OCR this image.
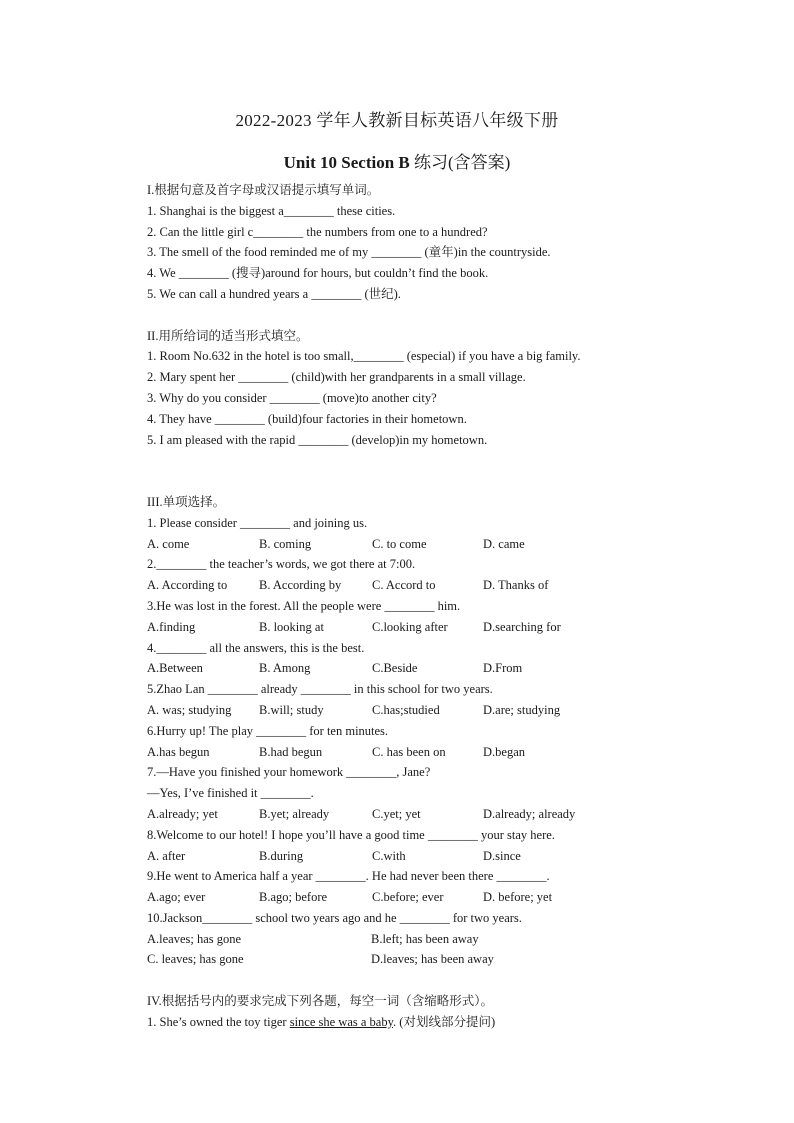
2022-2023 学年人教新目标英语八年级下册
Unit 10 Section B 练习(含答案)
I.根据句意及首字母或汉语提示填写单词。
1. Shanghai is the biggest a________ these cities.
2. Can the little girl c________ the numbers from one to a hundred?
3. The smell of the food reminded me of my ________ (童年)in the countryside.
4. We ________ (搜寻)around for hours, but couldn’t find the book.
5. We can call a hundred years a ________ (世纪).
II.用所给词的适当形式填空。
1. Room No.632 in the hotel is too small,________ (especial) if you have a big family.
2. Mary spent her ________ (child)with her grandparents in a small village.
3. Why do you consider ________ (move)to another city?
4. They have ________ (build)four factories in their hometown.
5. I am pleased with the rapid ________ (develop)in my hometown.
III.单项选择。
1. Please consider ________ and joining us.
A. come	B. coming	C. to come	D. came
2.________ the teacher’s words, we got there at 7:00.
A. According to	B. According by	C. Accord to	D. Thanks of
3.He was lost in the forest. All the people were ________ him.
A.finding	B. looking at	C.looking after	D.searching for
4.________ all the answers, this is the best.
A.Between	B. Among	C.Beside	D.From
5.Zhao Lan ________ already ________ in this school for two years.
A. was; studying	B.will; study	C.has;studied	D.are; studying
6.Hurry up! The play ________ for ten minutes.
A.has begun	B.had begun	C. has been on	D.began
7.—Have you finished your homework ________, Jane?
—Yes, I’ve finished it ________.
A.already; yet	B.yet; already	C.yet; yet	D.already; already
8.Welcome to our hotel! I hope you’ll have a good time ________ your stay here.
A. after	B.during	C.with	D.since
9.He went to America half a year ________. He had never been there ________.
A.ago; ever	B.ago; before	C.before; ever	D. before; yet
10.Jackson________ school two years ago and he ________ for two years.
A.leaves; has gone	B.left; has been away
C. leaves; has gone	D.leaves; has been away
IV.根据括号内的要求完成下列各题，每空一词（含缩略形式）。
1. She’s owned the toy tiger since she was a baby. (对划线部分提问)
